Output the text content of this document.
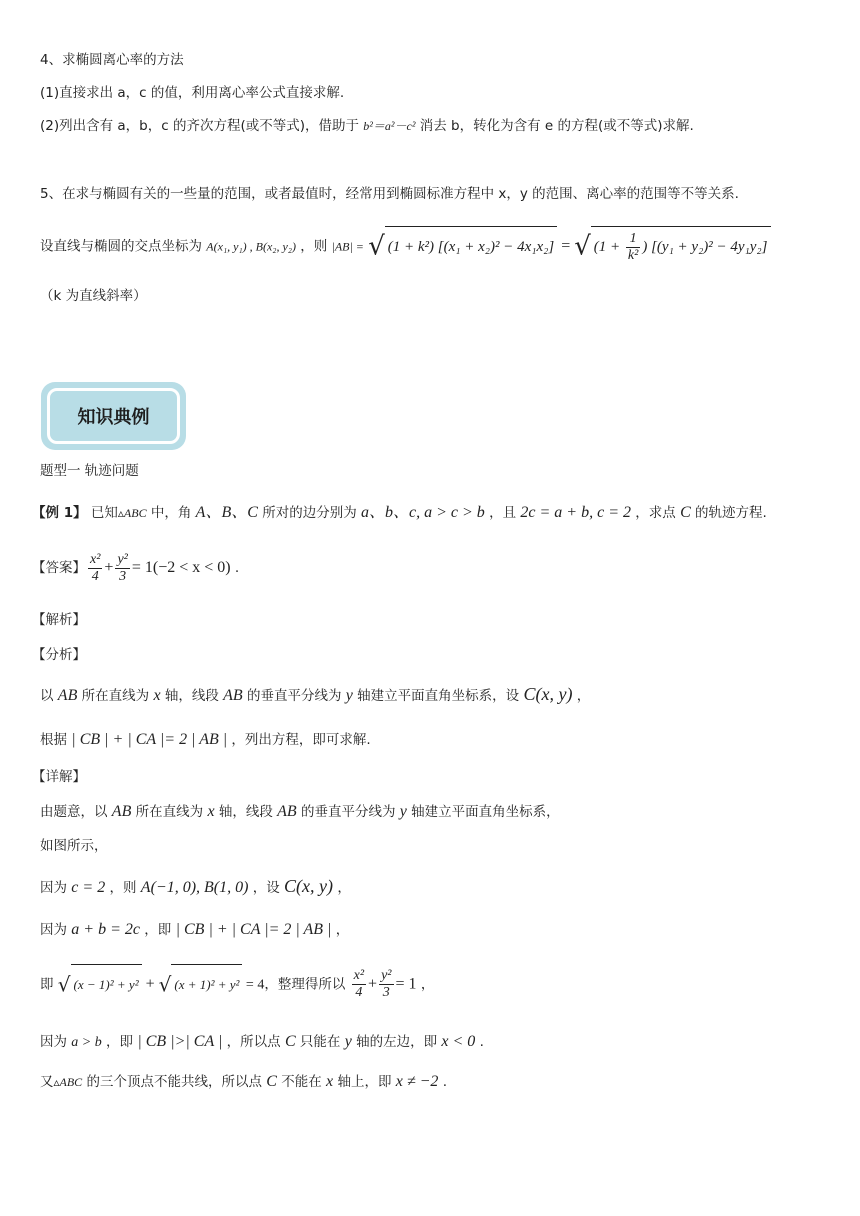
4、求椭圆离心率的方法
(1)直接求出 a，c 的值，利用离心率公式直接求解.
(2)列出含有 a，b，c 的齐次方程(或不等式)，借助于 b²＝a²－c² 消去 b，转化为含有 e 的方程(或不等式)求解.
5、在求与椭圆有关的一些量的范围，或者最值时，经常用到椭圆标准方程中 x，y 的范围、离心率的范围等不等关系.
设直线与椭圆的交点坐标为 A(x₁, y₁) , B(x₂, y₂) ，则 |AB| = √ (1 + k²) [(x₁ + x₂)² − 4x₁x₂] = √ ($1 + \frac{1}{\text{k²}}$ ) [(y₁ + y₂)² − 4y₁y₂]
（k 为直线斜率）
知识典例
题型一 轨迹问题
【例 1】 已知▵ABC 中，角 A、B、C 所对的边分别为 a、b、c, a > c > b ，且 2c = a + b, c = 2 ，求点 C 的轨迹方程.
【答案】 $\frac{\text{x²}}{4} + \frac{\text{y²}}{3} = 1(-2 < x < 0)$ .
【解析】
【分析】
以 AB 所在直线为 x 轴，线段 AB 的垂直平分线为 y 轴建立平面直角坐标系，设 C(x, y) ，
根据 | CB | + | CA |= 2 | AB | ，列出方程，即可求解.
【详解】
由题意，以 AB 所在直线为 x 轴，线段 AB 的垂直平分线为 y 轴建立平面直角坐标系，
如图所示，
因为 c = 2 ，则 A(−1, 0), B(1, 0) ，设 C(x, y) ，
因为 a + b = 2c ，即 | CB | + | CA |= 2 | AB | ，
即 √ (x − 1)² + y² + √ (x + 1)² + y² = 4，整理得所以 $\frac{\text{x²}}{4} + \frac{\text{y²}}{3} = 1$ ，
因为 a > b ，即 | CB |>| CA | ，所以点 C 只能在 y 轴的左边，即 x < 0 .
又▵ABC 的三个顶点不能共线，所以点 C 不能在 x 轴上，即 x ≠ −2 .
